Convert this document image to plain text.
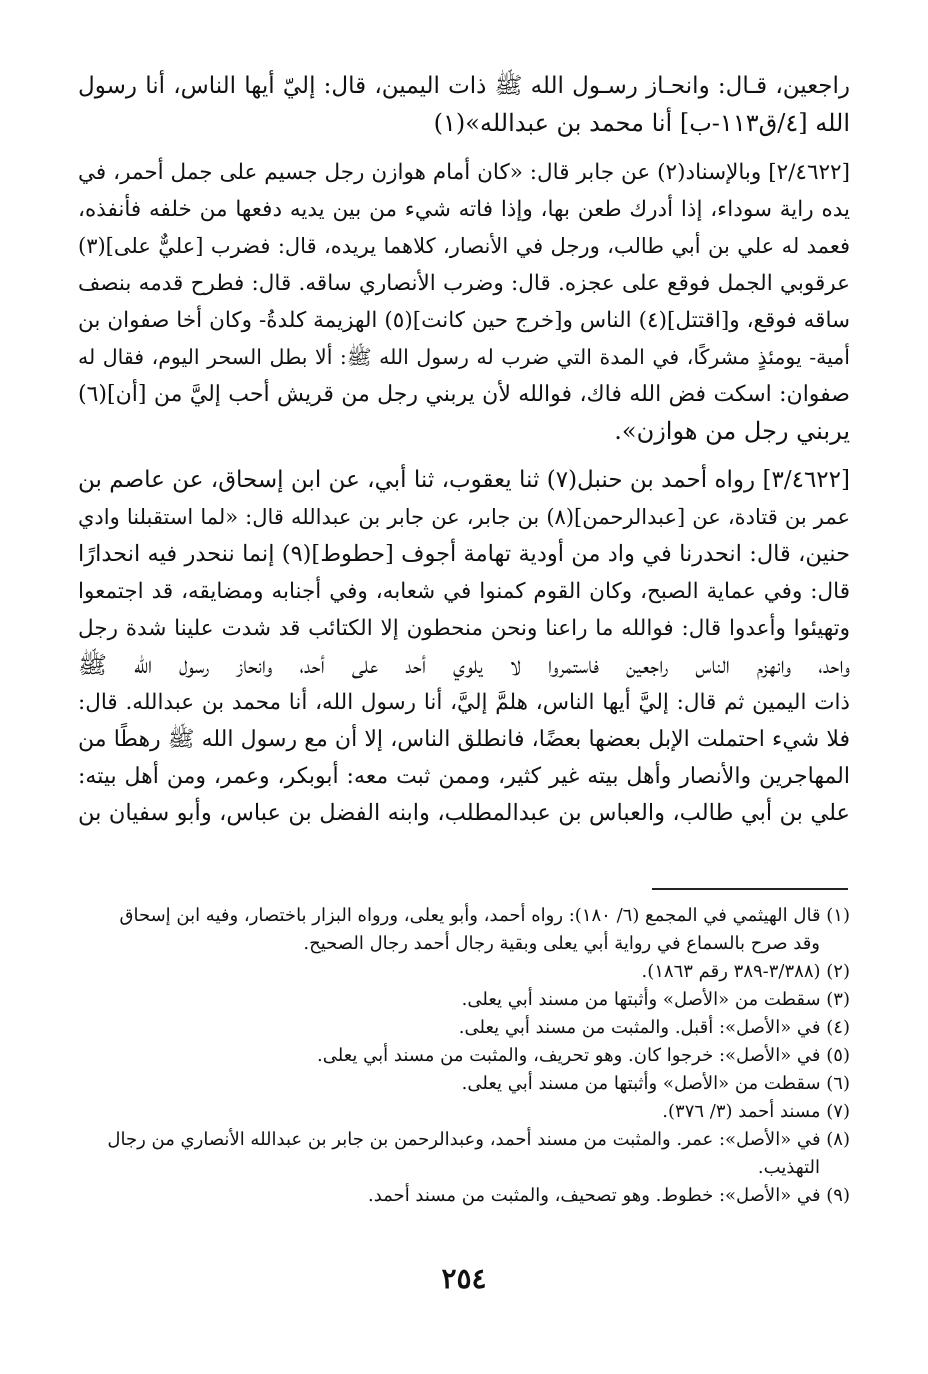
راجعين، قـال: وانحـاز رسـول الله ﷺ ذات اليمين، قال: إليّ أيها الناس، أنا رسول
الله [٤/ق١١٣-ب] أنا محمد بن عبدالله»(١)

[٢/٤٦٢٢] وبالإسناد(٢) عن جابر قال: «كان أمام هوازن رجل جسيم على جمل أحمر، في
يده راية سوداء، إذا أدرك طعن بها، وإذا فاته شيء من بين يديه دفعها من خلفه فأنفذه،
فعمد له علي بن أبي طالب، ورجل في الأنصار، كلاهما يريده، قال: فضرب [عليٌّ على](٣)
عرقوبي الجمل فوقع على عجزه. قال: وضرب الأنصاري ساقه. قال: فطرح قدمه بنصف
ساقه فوقع، و[اقتتل](٤) الناس و[خرج حين كانت](٥) الهزيمة كلدةُ- وكان أخا صفوان بن
أمية- يومئذٍ مشركًا، في المدة التي ضرب له رسول الله ﷺ: ألا بطل السحر اليوم، فقال له
صفوان: اسكت فض الله فاك، فوالله لأن يربني رجل من قريش أحب إليَّ من [أن](٦)
يربني رجل من هوازن».

[٣/٤٦٢٢] رواه أحمد بن حنبل(٧) ثنا يعقوب، ثنا أبي، عن ابن إسحاق، عن عاصم بن
عمر بن قتادة، عن [عبدالرحمن](٨) بن جابر، عن جابر بن عبدالله قال: «لما استقبلنا وادي
حنين، قال: انحدرنا في واد من أودية تهامة أجوف [حطوط](٩) إنما ننحدر فيه انحدارًا
قال: وفي عماية الصبح، وكان القوم كمنوا في شعابه، وفي أجنابه ومضايقه، قد اجتمعوا
وتهيئوا وأعدوا قال: فوالله ما راعنا ونحن منحطون إلا الكتائب قد شدت علينا شدة رجل
واحد، وانهزم الناس راجعين فاستمروا لا يلوي أحد على أحد، وانحاز رسول الله ﷺ
ذات اليمين ثم قال: إليَّ أيها الناس، هلمَّ إليَّ، أنا رسول الله، أنا محمد بن عبدالله. قال:
فلا شيء احتملت الإبل بعضها بعضًا، فانطلق الناس، إلا أن مع رسول الله ﷺ رهطًا من
المهاجرين والأنصار وأهل بيته غير كثير، وممن ثبت معه: أبوبكر، وعمر، ومن أهل بيته:
علي بن أبي طالب، والعباس بن عبدالمطلب، وابنه الفضل بن عباس، وأبو سفيان بن

(١) قال الهيثمي في المجمع (٦/ ١٨٠): رواه أحمد، وأبو يعلى، ورواه البزار باختصار، وفيه ابن إسحاق
وقد صرح بالسماع في رواية أبي يعلى وبقية رجال أحمد رجال الصحيح.
(٢) (٣/٣٨٨-٣٨٩ رقم ١٨٦٣).
(٣) سقطت من «الأصل» وأثبتها من مسند أبي يعلى.
(٤) في «الأصل»: أقبل. والمثبت من مسند أبي يعلى.
(٥) في «الأصل»: خرجوا كان. وهو تحريف، والمثبت من مسند أبي يعلى.
(٦) سقطت من «الأصل» وأثبتها من مسند أبي يعلى.
(٧) مسند أحمد (٣/ ٣٧٦).
(٨) في «الأصل»: عمر. والمثبت من مسند أحمد، وعبدالرحمن بن جابر بن عبدالله الأنصاري من رجال
التهذيب.
(٩) في «الأصل»: خطوط. وهو تصحيف، والمثبت من مسند أحمد.
٢٥٤
